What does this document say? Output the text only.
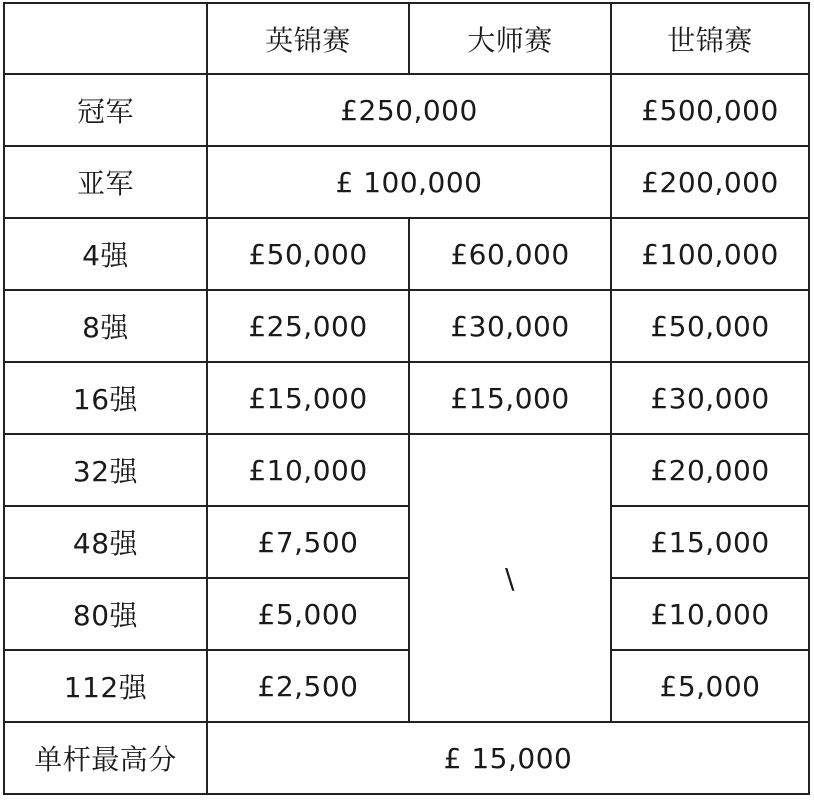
	英锦赛	大师赛	世锦赛
冠军	£250,000		£500,000
亚军	£ 100,000		£200,000
4强	£50,000	£60,000	£100,000
8强	£25,000	£30,000	£50,000
16强	£15,000	£15,000	£30,000
32强	£10,000	\	£20,000
48强	£7,500		£15,000
80强	£5,000		£10,000
112强	£2,500		£5,000
单杆最高分	£ 15,000		
